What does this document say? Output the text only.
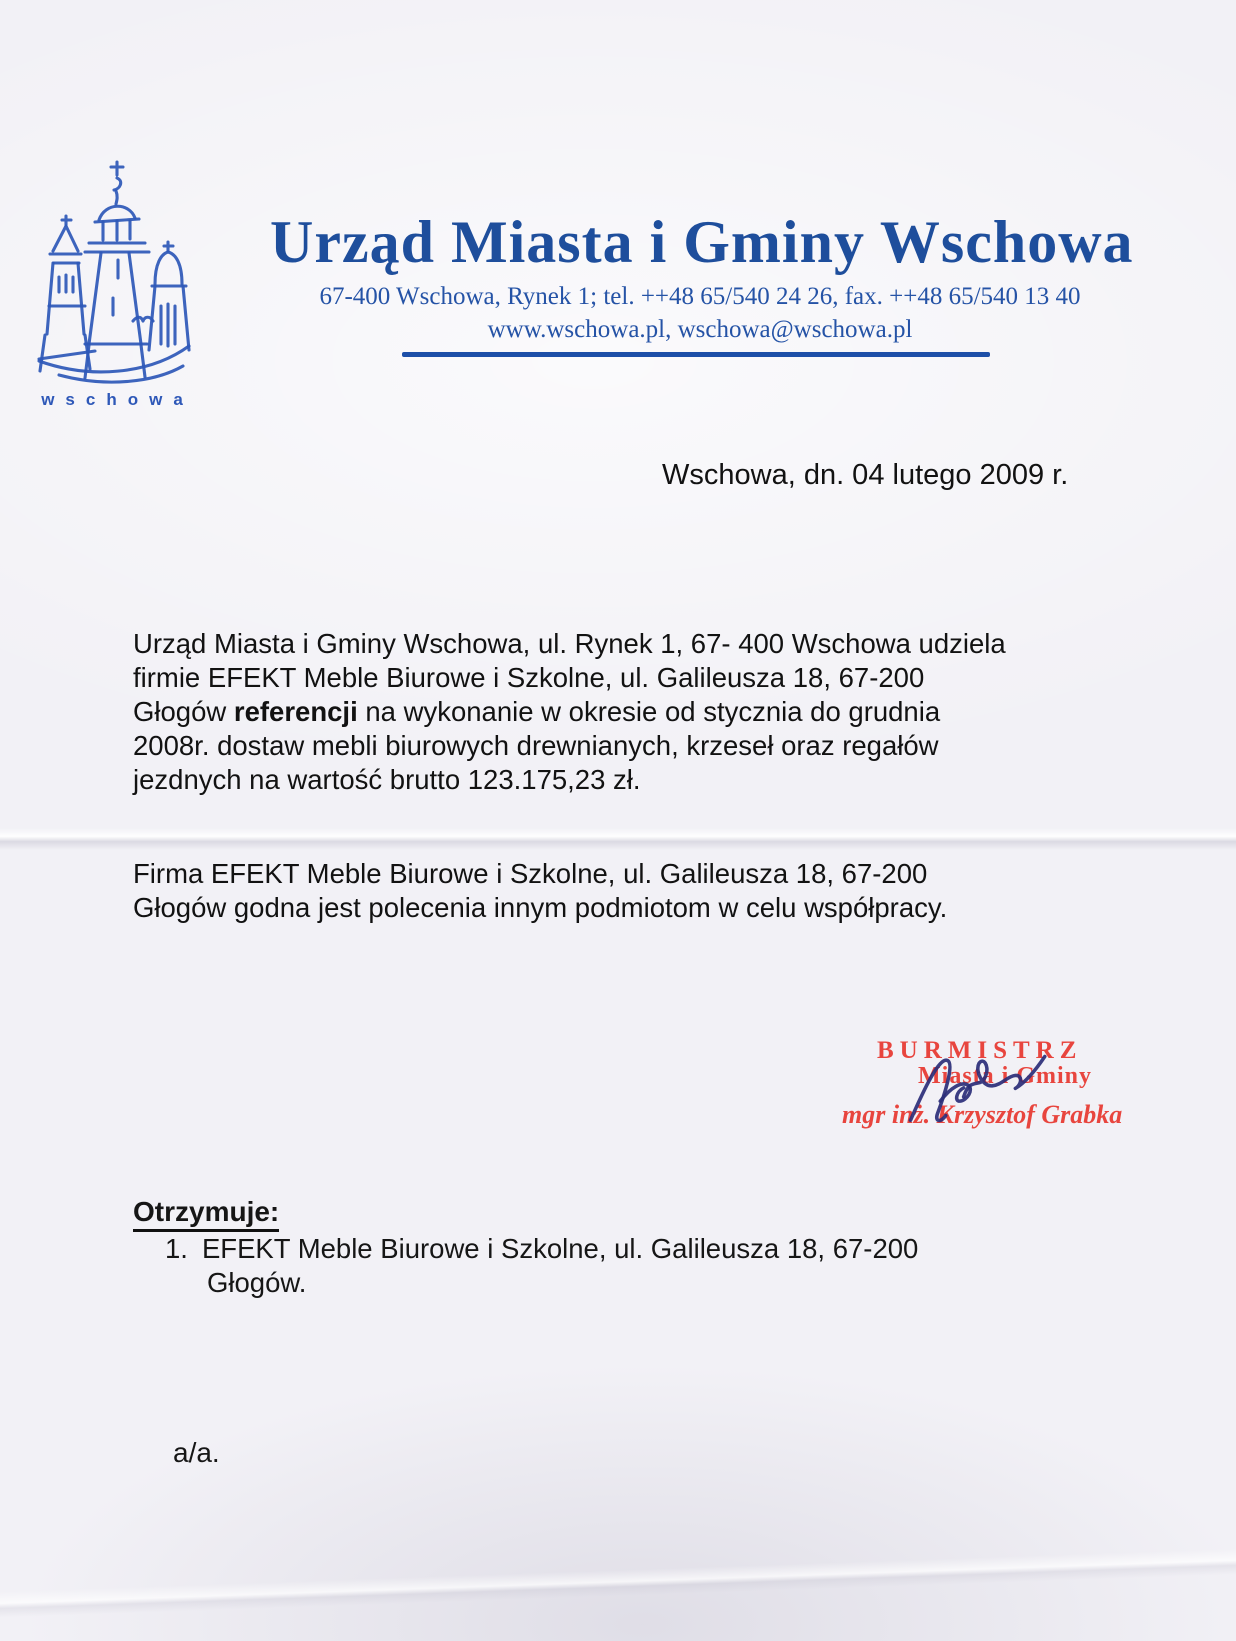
wschowa
Urząd Miasta i Gminy Wschowa
67-400 Wschowa, Rynek 1; tel. ++48 65/540 24 26, fax. ++48 65/540 13 40
www.wschowa.pl, wschowa@wschowa.pl
Wschowa, dn. 04 lutego 2009 r.
Urząd Miasta i Gminy Wschowa, ul. Rynek 1, 67- 400 Wschowa udziela
firmie EFEKT Meble Biurowe i Szkolne, ul. Galileusza 18, 67-200
Głogów referencji na wykonanie w okresie od stycznia do grudnia
2008r. dostaw mebli biurowych drewnianych, krzeseł oraz regałów
jezdnych na wartość brutto 123.175,23 zł.
Firma EFEKT Meble Biurowe i Szkolne, ul. Galileusza 18, 67-200
Głogów godna jest polecenia innym podmiotom w celu współpracy.
BURMISTRZ
Miasta i Gminy
mgr inż. Krzysztof Grabka
Otrzymuje:
1. EFEKT Meble Biurowe i Szkolne, ul. Galileusza 18, 67-200
Głogów.
a/a.
